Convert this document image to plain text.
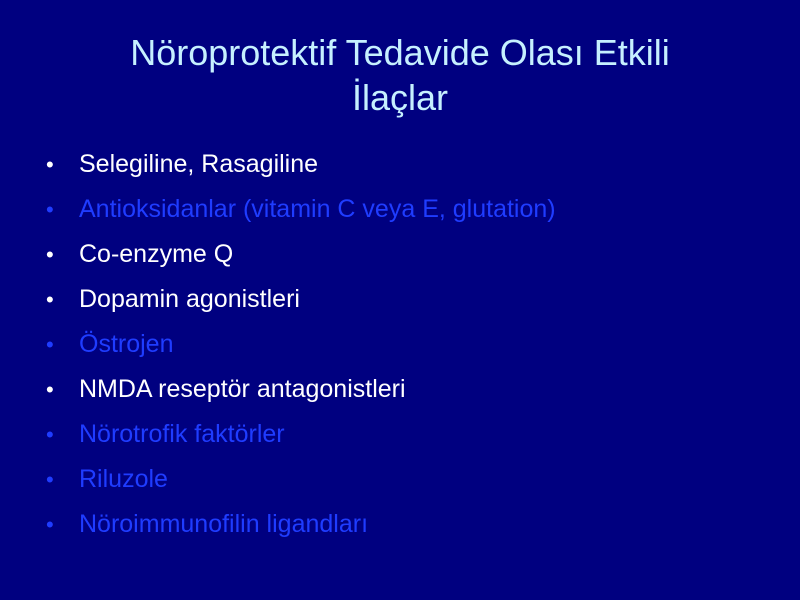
Nöroprotektif Tedavide Olası Etkili
İlaçlar
• Selegiline, Rasagiline
• Antioksidanlar (vitamin C veya E, glutation)
• Co-enzyme Q
• Dopamin agonistleri
• Östrojen
• NMDA reseptör antagonistleri
• Nörotrofik faktörler
• Riluzole
• Nöroimmunofilin ligandları
